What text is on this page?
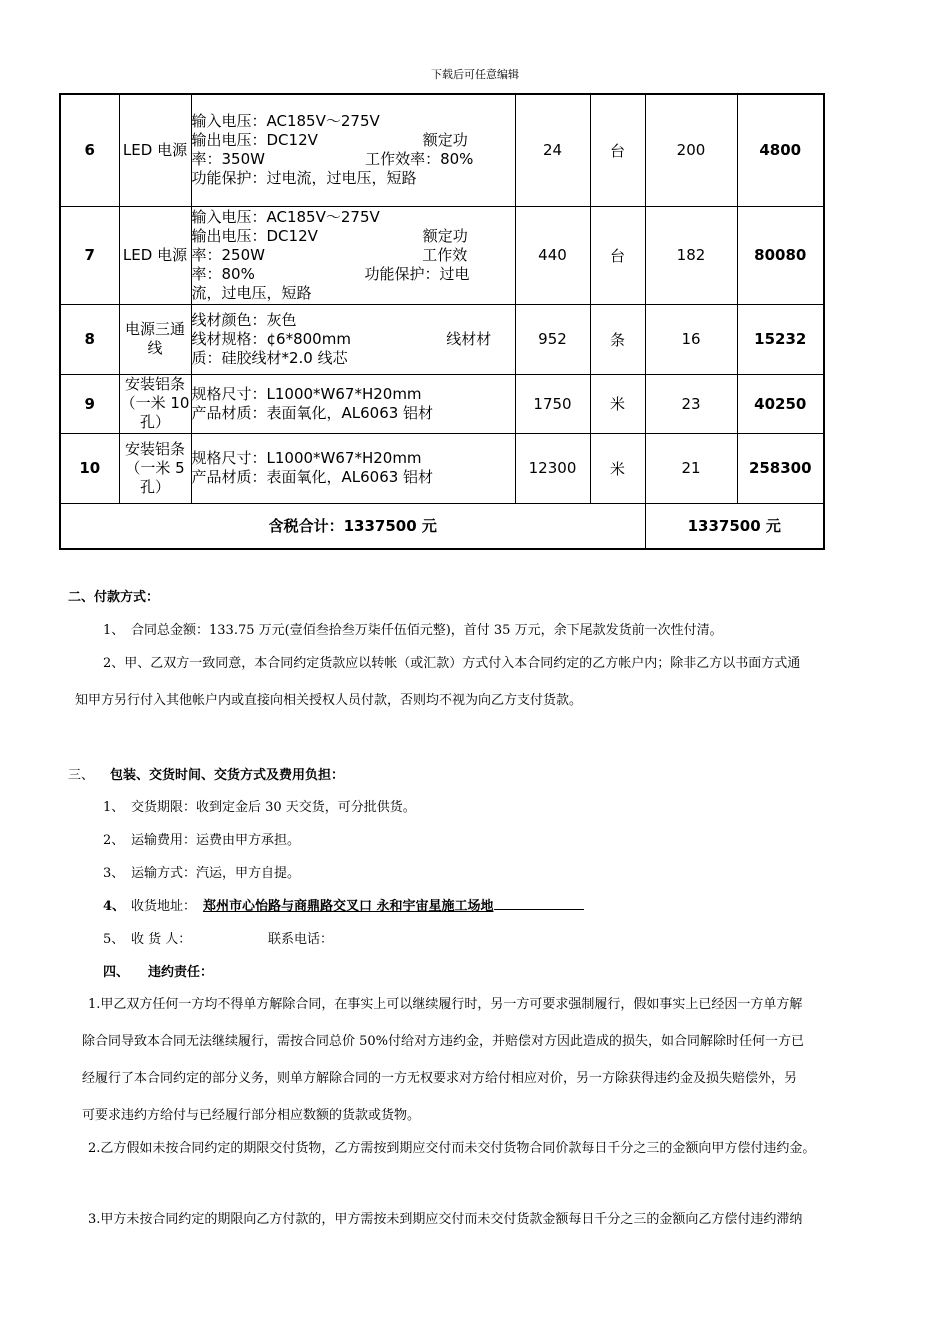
下载后可任意编辑
6	LED 电源	输入电压：AC185V～275V
输出电压：DC12V                      额定功
率：350W                     工作效率：80%
功能保护：过电流，过电压，短路	24	台	200	4800
7	LED 电源	输入电压：AC185V～275V
输出电压：DC12V                      额定功
率：250W                                 工作效
率：80%                       功能保护：过电
流，过电压，短路	440	台	182	80080
8	电源三通
线	线材颜色：灰色
线材规格：¢6*800mm                    线材材
质：硅胶线材*2.0 线芯	952	条	16	15232
9	安装铝条
（一米 10
孔）	规格尺寸：L1000*W67*H20mm
产品材质：表面氧化，AL6063 铝材	1750	米	23	40250
10	安装铝条
（一米 5
孔）	规格尺寸：L1000*W67*H20mm
产品材质：表面氧化，AL6063 铝材	12300	米	21	258300
含税合计：1337500 元					1337500 元	
二、付款方式：
1、 合同总金额：133.75 万元(壹佰叁拾叁万柒仟伍佰元整)，首付 35 万元，余下尾款发货前一次性付清。
2、甲、乙双方一致同意，本合同约定货款应以转帐（或汇款）方式付入本合同约定的乙方帐户内；除非乙方以书面方式通
知甲方另行付入其他帐户内或直接向相关授权人员付款，否则均不视为向乙方支付货款。
三、 包装、交货时间、交货方式及费用负担：
1、 交货期限：收到定金后 30 天交货，可分批供货。
2、 运输费用：运费由甲方承担。
3、 运输方式：汽运，甲方自提。
4、 收货地址： 郑州市心怡路与商鼎路交叉口 永和宇宙星施工场地
5、 收 货 人：	联系电话：
四、 违约责任：
1.甲乙双方任何一方均不得单方解除合同，在事实上可以继续履行时，另一方可要求强制履行，假如事实上已经因一方单方解
除合同导致本合同无法继续履行，需按合同总价 50%付给对方违约金，并赔偿对方因此造成的损失，如合同解除时任何一方已
经履行了本合同约定的部分义务，则单方解除合同的一方无权要求对方给付相应对价，另一方除获得违约金及损失赔偿外，另
可要求违约方给付与已经履行部分相应数额的货款或货物。
2.乙方假如未按合同约定的期限交付货物，乙方需按到期应交付而未交付货物合同价款每日千分之三的金额向甲方偿付违约金。
3.甲方未按合同约定的期限向乙方付款的，甲方需按未到期应交付而未交付货款金额每日千分之三的金额向乙方偿付违约滞纳
